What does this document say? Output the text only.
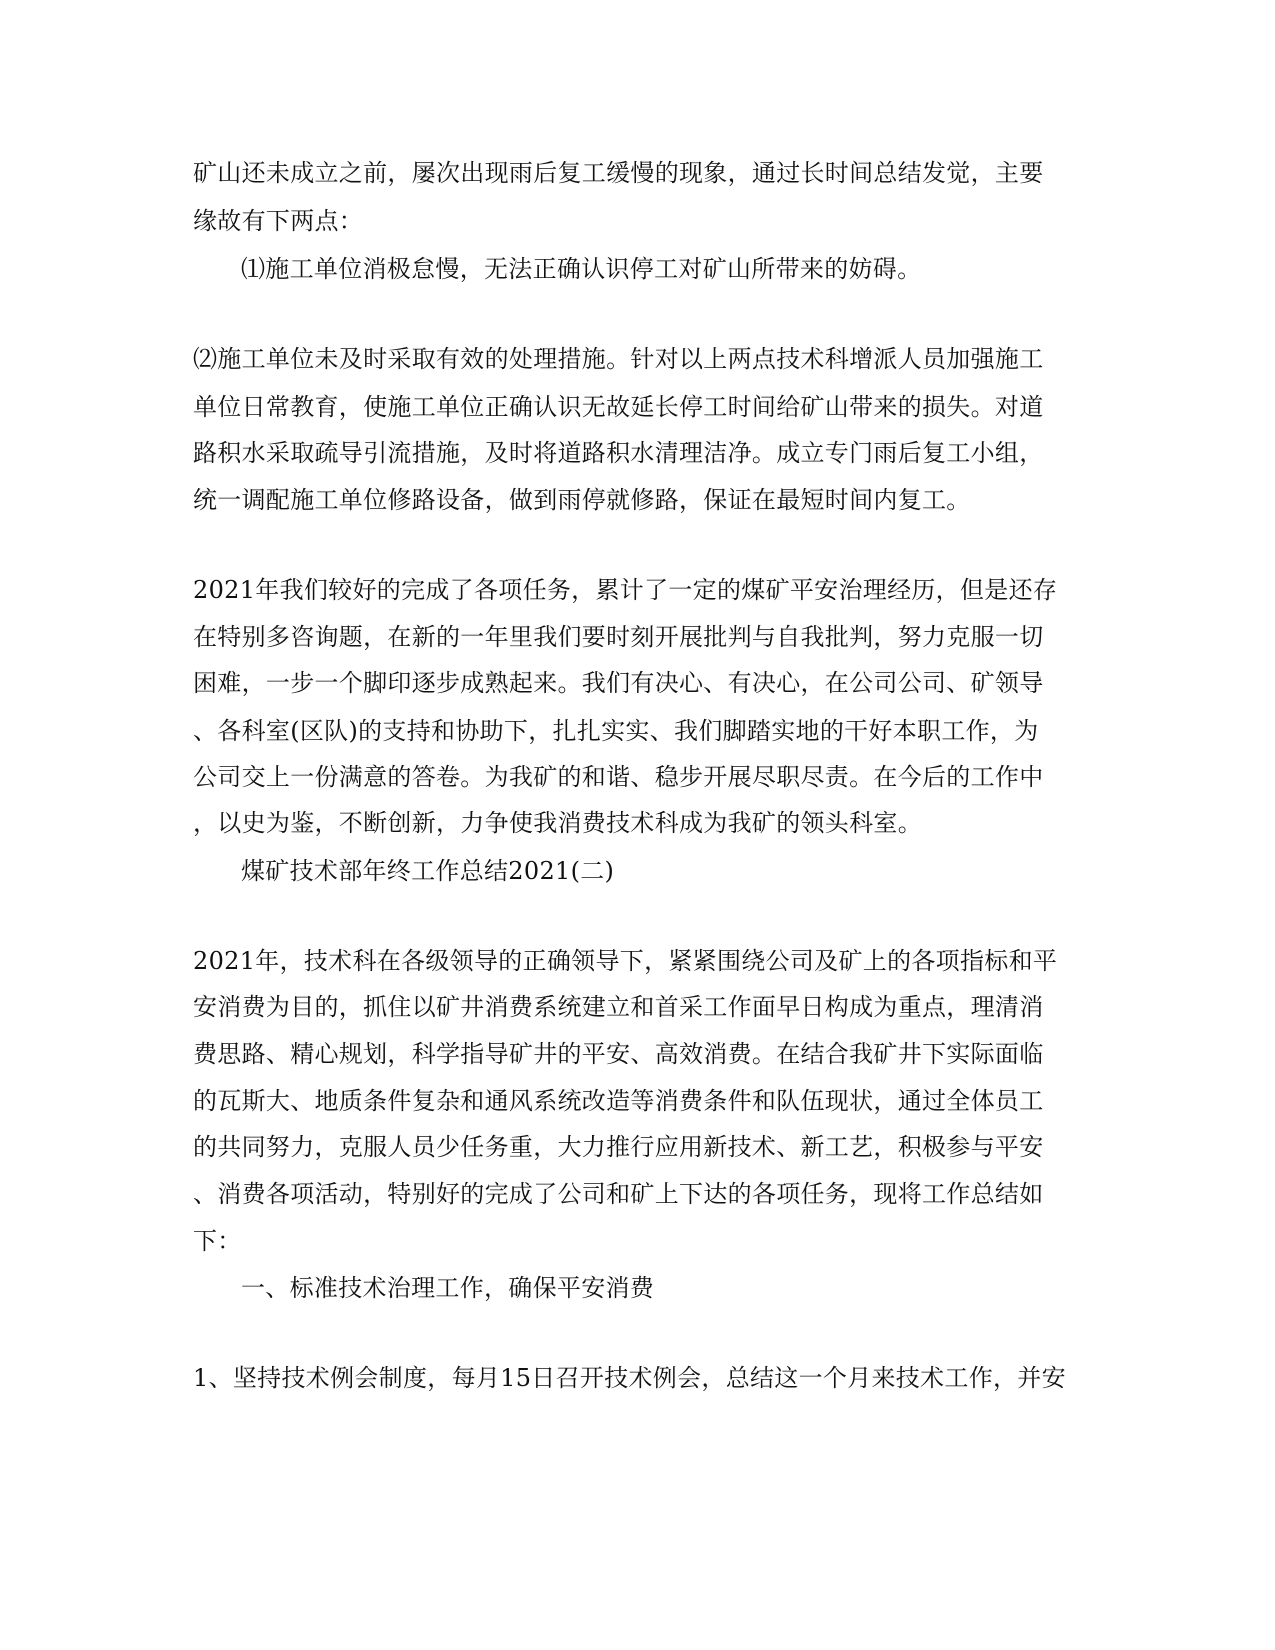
矿山还未成立之前，屡次出现雨后复工缓慢的现象，通过长时间总结发觉，主要
缘故有下两点：
⑴施工单位消极怠慢，无法正确认识停工对矿山所带来的妨碍。
⑵施工单位未及时采取有效的处理措施。针对以上两点技术科增派人员加强施工
单位日常教育，使施工单位正确认识无故延长停工时间给矿山带来的损失。对道
路积水采取疏导引流措施，及时将道路积水清理洁净。成立专门雨后复工小组，
统一调配施工单位修路设备，做到雨停就修路，保证在最短时间内复工。
2021年我们较好的完成了各项任务，累计了一定的煤矿平安治理经历，但是还存
在特别多咨询题，在新的一年里我们要时刻开展批判与自我批判，努力克服一切
困难，一步一个脚印逐步成熟起来。我们有决心、有决心，在公司公司、矿领导
、各科室(区队)的支持和协助下，扎扎实实、我们脚踏实地的干好本职工作，为
公司交上一份满意的答卷。为我矿的和谐、稳步开展尽职尽责。在今后的工作中
，以史为鉴，不断创新，力争使我消费技术科成为我矿的领头科室。
煤矿技术部年终工作总结2021(二)
2021年，技术科在各级领导的正确领导下，紧紧围绕公司及矿上的各项指标和平
安消费为目的，抓住以矿井消费系统建立和首采工作面早日构成为重点，理清消
费思路、精心规划，科学指导矿井的平安、高效消费。在结合我矿井下实际面临
的瓦斯大、地质条件复杂和通风系统改造等消费条件和队伍现状，通过全体员工
的共同努力，克服人员少任务重，大力推行应用新技术、新工艺，积极参与平安
、消费各项活动，特别好的完成了公司和矿上下达的各项任务，现将工作总结如
下：
一、标准技术治理工作，确保平安消费
1、坚持技术例会制度，每月15日召开技术例会，总结这一个月来技术工作，并安
